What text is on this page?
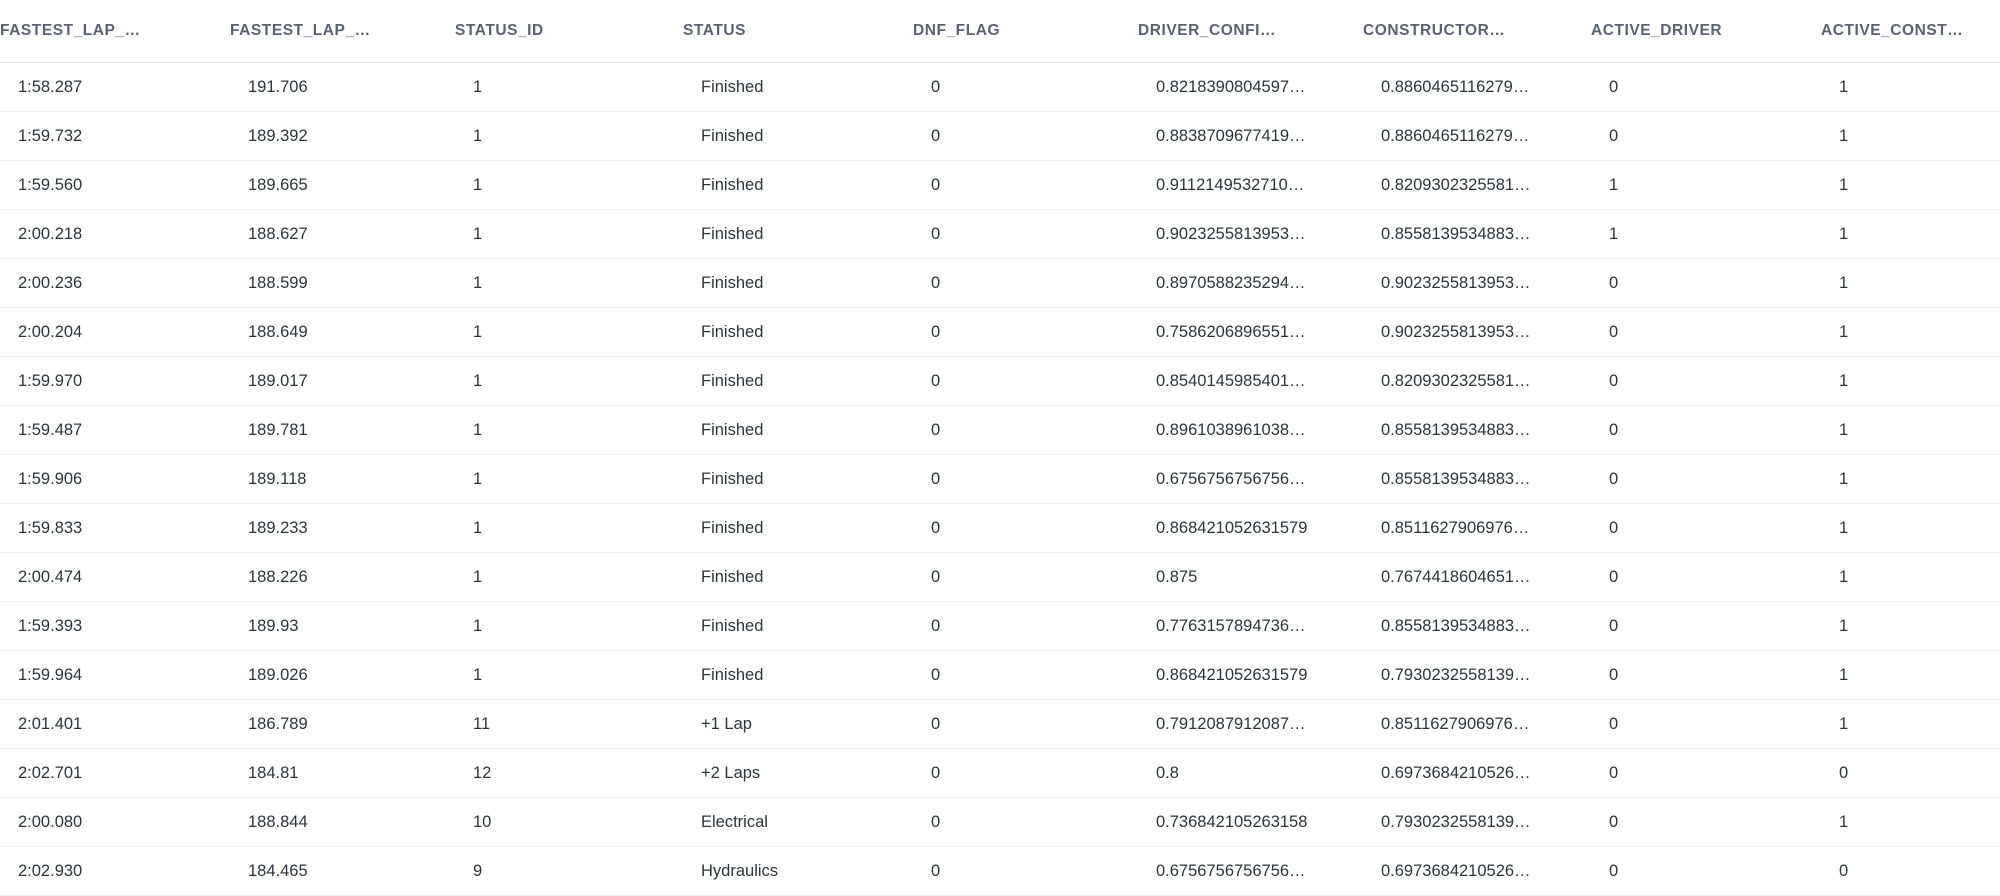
FASTEST_LAP_…	FASTEST_LAP_…	STATUS_ID	STATUS	DNF_FLAG	DRIVER_CONFI…	CONSTRUCTOR…	ACTIVE_DRIVER	ACTIVE_CONST…

1:58.287	191.706	1	Finished	0	0.8218390804597…	0.8860465116279…	0	1
1:59.732	189.392	1	Finished	0	0.8838709677419…	0.8860465116279…	0	1
1:59.560	189.665	1	Finished	0	0.9112149532710…	0.8209302325581…	1	1
2:00.218	188.627	1	Finished	0	0.9023255813953…	0.8558139534883…	1	1
2:00.236	188.599	1	Finished	0	0.8970588235294…	0.9023255813953…	0	1
2:00.204	188.649	1	Finished	0	0.7586206896551…	0.9023255813953…	0	1
1:59.970	189.017	1	Finished	0	0.8540145985401…	0.8209302325581…	0	1
1:59.487	189.781	1	Finished	0	0.8961038961038…	0.8558139534883…	0	1
1:59.906	189.118	1	Finished	0	0.6756756756756…	0.8558139534883…	0	1
1:59.833	189.233	1	Finished	0	0.868421052631579	0.8511627906976…	0	1
2:00.474	188.226	1	Finished	0	0.875	0.7674418604651…	0	1
1:59.393	189.93	1	Finished	0	0.7763157894736…	0.8558139534883…	0	1
1:59.964	189.026	1	Finished	0	0.868421052631579	0.7930232558139…	0	1
2:01.401	186.789	11	+1 Lap	0	0.7912087912087…	0.8511627906976…	0	1
2:02.701	184.81	12	+2 Laps	0	0.8	0.6973684210526…	0	0
2:00.080	188.844	10	Electrical	0	0.736842105263158	0.7930232558139…	0	1
2:02.930	184.465	9	Hydraulics	0	0.6756756756756…	0.6973684210526…	0	0
